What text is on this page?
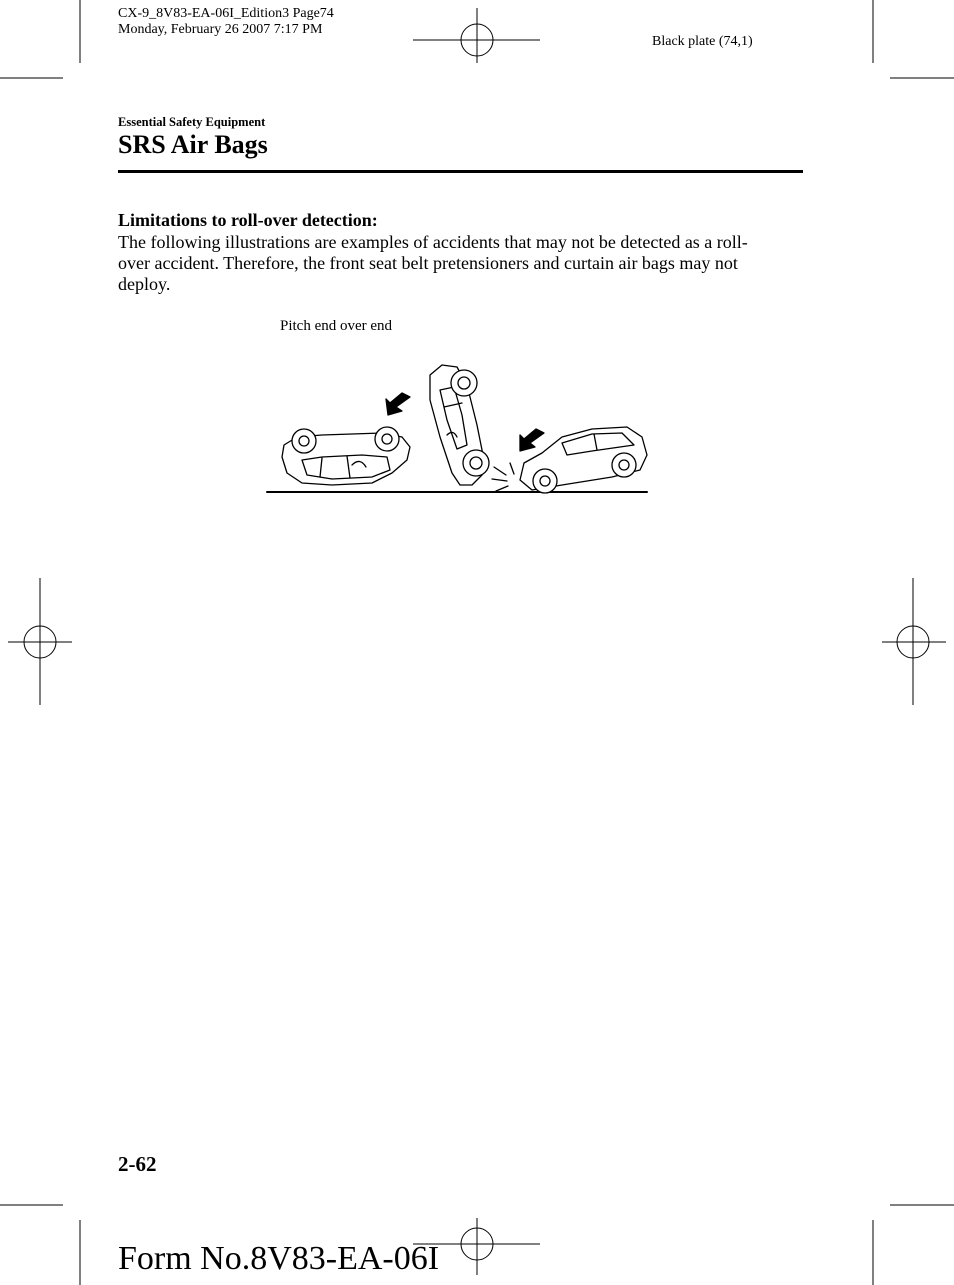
CX-9_8V83-EA-06I_Edition3 Page74
Monday, February 26 2007 7:17 PM
Black plate (74,1)
Essential Safety Equipment
SRS Air Bags
Limitations to roll-over detection:
The following illustrations are examples of accidents that may not be detected as a roll-
over accident. Therefore, the front seat belt pretensioners and curtain air bags may not
deploy.
Pitch end over end
2-62
Form No.8V83-EA-06I
